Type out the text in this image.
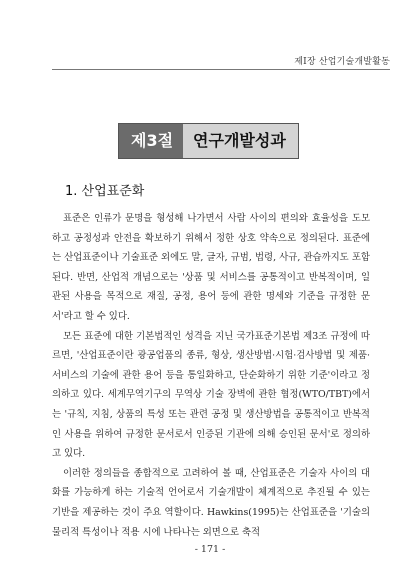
제Ⅰ장 산업기술개발활동
제3절	연구개발성과
1. 산업표준화

표준은 인류가 문명을 형성해 나가면서 사람 사이의 편의와 효율성을 도모하고 공정성과 안전을 확보하기 위해서 정한 상호 약속으로 정의된다. 표준에는 산업표준이나 기술표준 외에도 말, 글자, 규범, 법령, 사규, 관습까지도 포함된다. 반면, 산업적 개념으로는 '상품 및 서비스를 공통적이고 반복적이며, 일관된 사용을 목적으로 재질, 공정, 용어 등에 관한 명세와 기준을 규정한 문서'라고 할 수 있다.

모든 표준에 대한 기본법적인 성격을 지닌 국가표준기본법 제3조 규정에 따르면, '산업표준이란 광공업품의 종류, 형상, 생산방법·시험·검사방법 및 제품·서비스의 기술에 관한 용어 등을 통일화하고, 단순화하기 위한 기준'이라고 정의하고 있다. 세계무역기구의 무역상 기술 장벽에 관한 협정(WTO/TBT)에서는 '규칙, 지침, 상품의 특성 또는 관련 공정 및 생산방법을 공통적이고 반복적인 사용을 위하여 규정한 문서로서 인증된 기관에 의해 승인된 문서'로 정의하고 있다.

이러한 정의들을 종합적으로 고려하여 볼 때, 산업표준은 기술자 사이의 대화를 가능하게 하는 기술적 언어로서 기술개발이 체계적으로 추진될 수 있는 기반을 제공하는 것이 주요 역할이다. Hawkins(1995)는 산업표준을 '기술의 물리적 특성이나 적용 시에 나타나는 외면으로 축적

- 171 -
